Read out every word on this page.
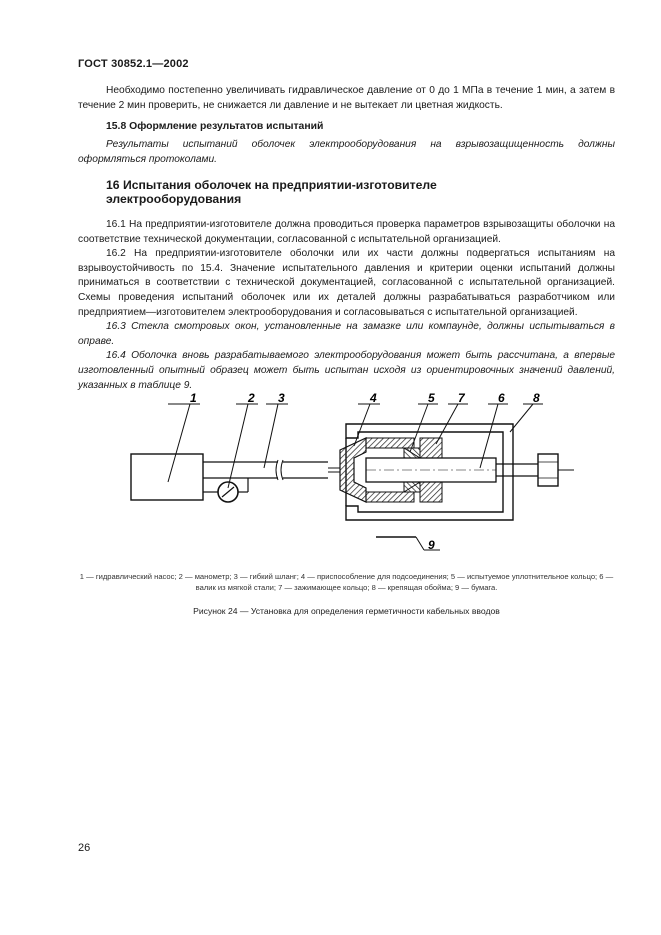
ГОСТ 30852.1—2002
Необходимо постепенно увеличивать гидравлическое давление от 0 до 1 МПа в течение 1 мин, а затем в течение 2 мин проверить, не снижается ли давление и не вытекает ли цветная жидкость.
15.8 Оформление результатов испытаний
Результаты испытаний оболочек электрооборудования на взрывозащищенность должны оформляться протоколами.
16 Испытания оболочек на предприятии-изготовителе электрооборудования

16.1 На предприятии-изготовителе должна проводиться проверка параметров взрывозащиты оболочки на соответствие технической документации, согласованной с испытательной организацией.

16.2 На предприятии-изготовителе оболочки или их части должны подвергаться испытаниям на взрывоустойчивость по 15.4. Значение испытательного давления и критерии оценки испытаний должны приниматься в соответствии с технической документацией, согласованной с испытательной организацией. Схемы проведения испытаний оболочек или их деталей должны разрабатываться разработчиком или предприятием—изготовителем электрооборудования и согласовываться с испытательной организацией.

16.3 Стекла смотровых окон, установленные на замазке или компаунде, должны испытываться в оправе.

16.4 Оболочка вновь разрабатываемого электрооборудования может быть рассчитана, а впервые изготовленный опытный образец может быть испытан исходя из ориентировочных значений давлений, указанных в таблице 9.

1	2 3	4	5 7	6 8
9
1 — гидравлический насос; 2 — манометр; 3 — гибкий шланг; 4 — приспособление для подсоединения; 5 — испытуемое уплотнительное кольцо; 6 — валик из мягкой стали; 7 — зажимающее кольцо; 8 — крепящая обойма; 9 — бумага.
Рисунок 24 — Установка для определения герметичности кабельных вводов
26
